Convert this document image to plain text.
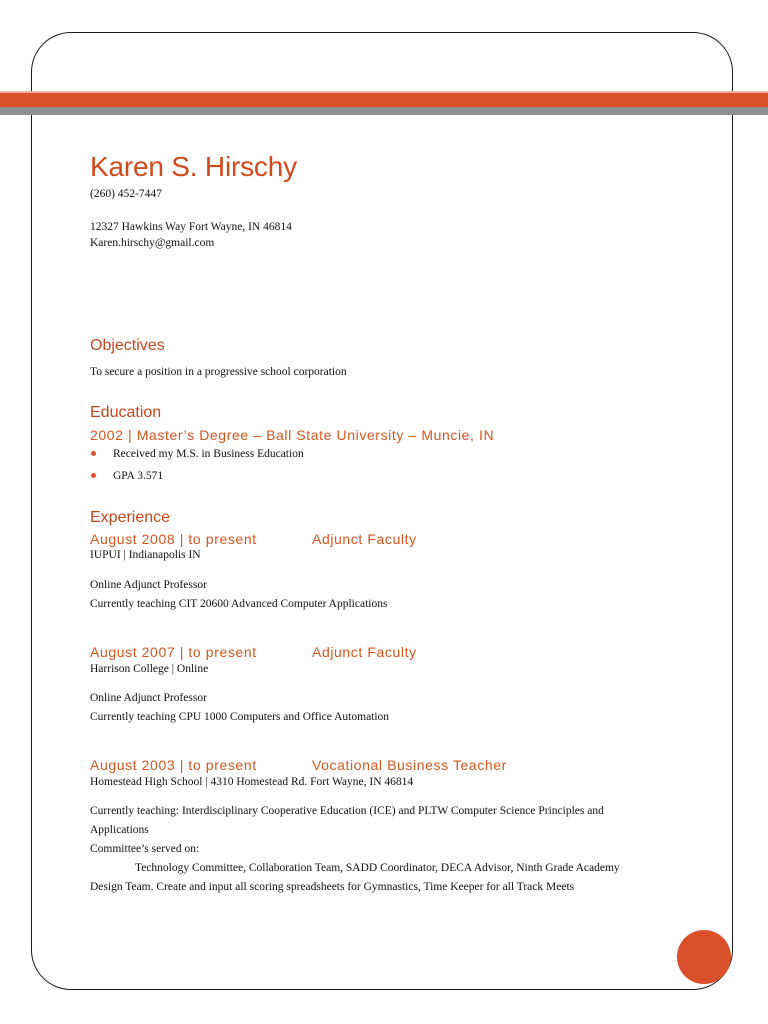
Karen S. Hirschy
(260) 452-7447
12327 Hawkins Way Fort Wayne, IN 46814
Karen.hirschy@gmail.com
Objectives
To secure a position in a progressive school corporation
Education
2002 | Master’s Degree – Ball State University – Muncie, IN
Received my M.S. in Business Education
GPA 3.571
Experience
August 2008 | to present	Adjunct Faculty
IUPUI | Indianapolis IN
Online Adjunct Professor
Currently teaching CIT 20600 Advanced Computer Applications
August 2007 | to present	Adjunct Faculty
Harrison College | Online
Online Adjunct Professor
Currently teaching CPU 1000 Computers and Office Automation
August 2003 | to present	Vocational Business Teacher
Homestead High School | 4310 Homestead Rd. Fort Wayne, IN 46814
Currently teaching: Interdisciplinary Cooperative Education (ICE) and PLTW Computer Science Principles and
Applications
Committee’s served on:
Technology Committee, Collaboration Team, SADD Coordinator, DECA Advisor, Ninth Grade Academy
Design Team. Create and input all scoring spreadsheets for Gymnastics, Time Keeper for all Track Meets
